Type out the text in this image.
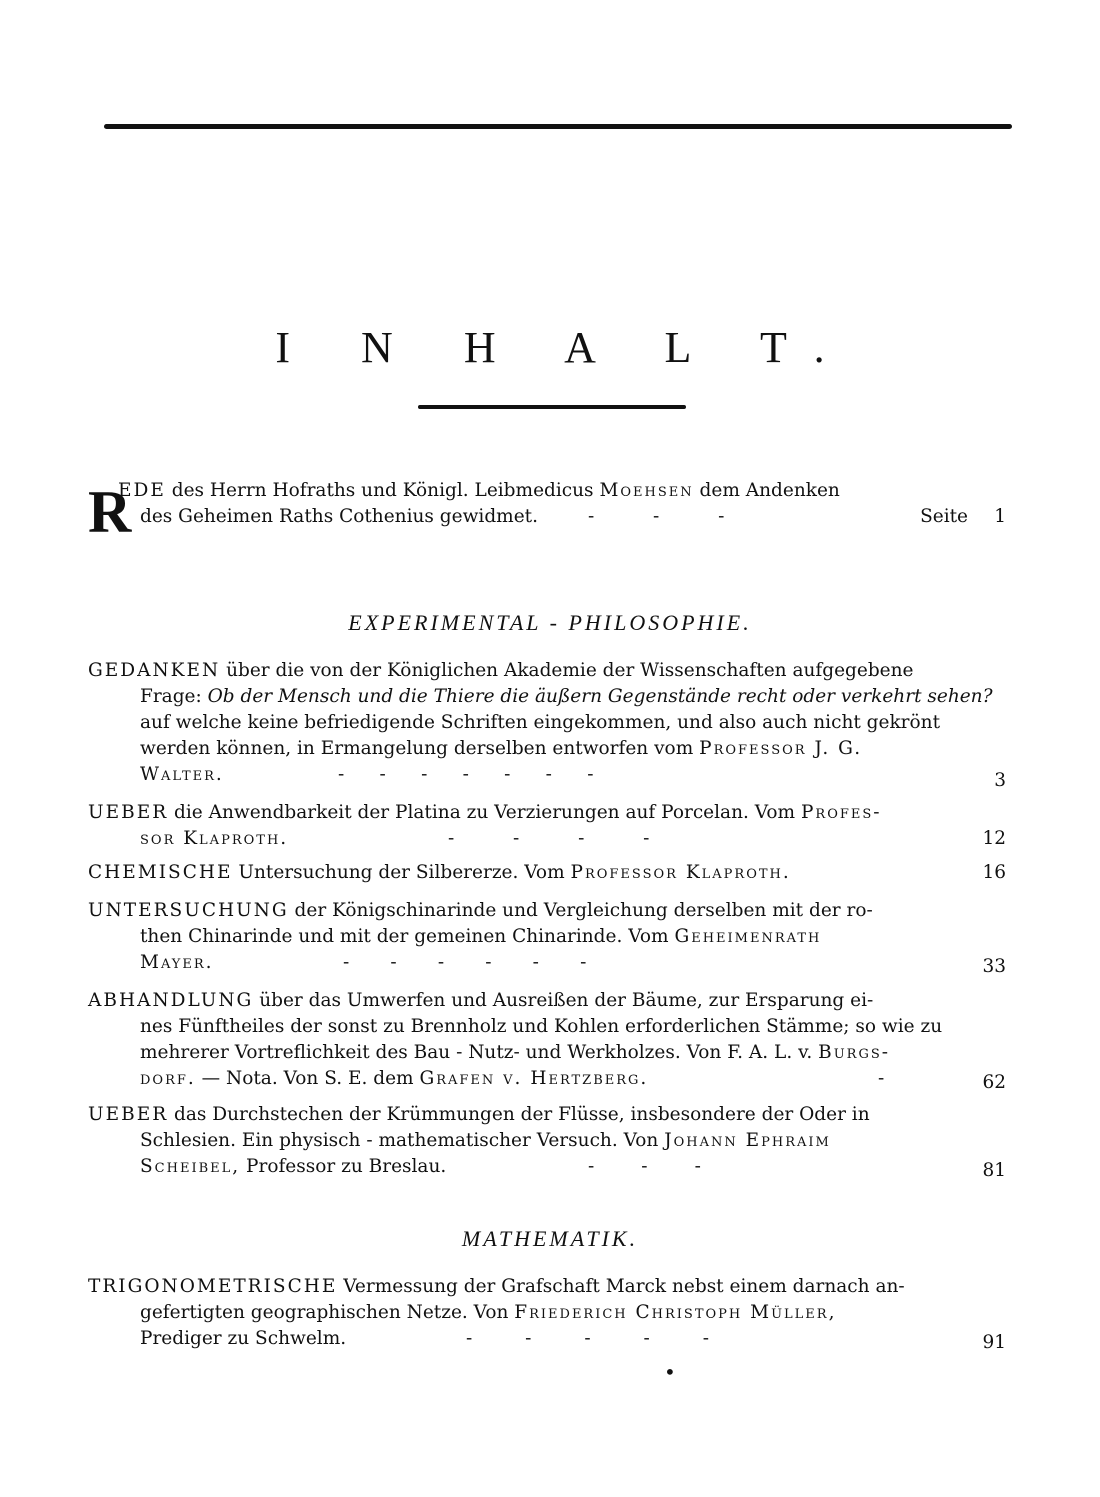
I N H A L T.
R
EDE des Herrn Hofraths und Königl. Leibmedicus Moehsen dem Andenken
des Geheimen Raths Cothenius gewidmet.	-          -          -	Seite 1
EXPERIMENTAL - PHILOSOPHIE.
GEDANKEN über die von der Königlichen Akademie der Wissenschaften aufgegebene
Frage: Ob der Mensch und die Thiere die äußern Gegenstände recht oder verkehrt sehen?
auf welche keine befriedigende Schriften eingekommen, und also auch nicht gekrönt
werden können, in Ermangelung derselben entworfen vom Professor J. G.
Walter.	-      -      -      -      -      -      -	3
UEBER die Anwendbarkeit der Platina zu Verzierungen auf Porcelan. Vom Profes-
sor Klaproth.	-          -          -          -	12
CHEMISCHE Untersuchung der Silbererze. Vom Professor Klaproth.	16
UNTERSUCHUNG der Königschinarinde und Vergleichung derselben mit der ro-
then Chinarinde und mit der gemeinen Chinarinde. Vom Geheimenrath
Mayer.	-       -       -       -       -       -	33
ABHANDLUNG über das Umwerfen und Ausreißen der Bäume, zur Ersparung ei-
nes Fünftheiles der sonst zu Brennholz und Kohlen erforderlichen Stämme; so wie zu
mehrerer Vortreflichkeit des Bau - Nutz- und Werkholzes. Von F. A. L. v. Burgs-
dorf. — Nota. Von S. E. dem Grafen v. Hertzberg.	-	62
UEBER das Durchstechen der Krümmungen der Flüsse, insbesondere der Oder in
Schlesien. Ein physisch - mathematischer Versuch. Von Johann Ephraim
Scheibel, Professor zu Breslau.	-        -        -	81
MATHEMATIK.
TRIGONOMETRISCHE Vermessung der Grafschaft Marck nebst einem darnach an-
gefertigten geographischen Netze. Von Friederich Christoph Müller,
Prediger zu Schwelm.	-         -         -         -         -	91
•
